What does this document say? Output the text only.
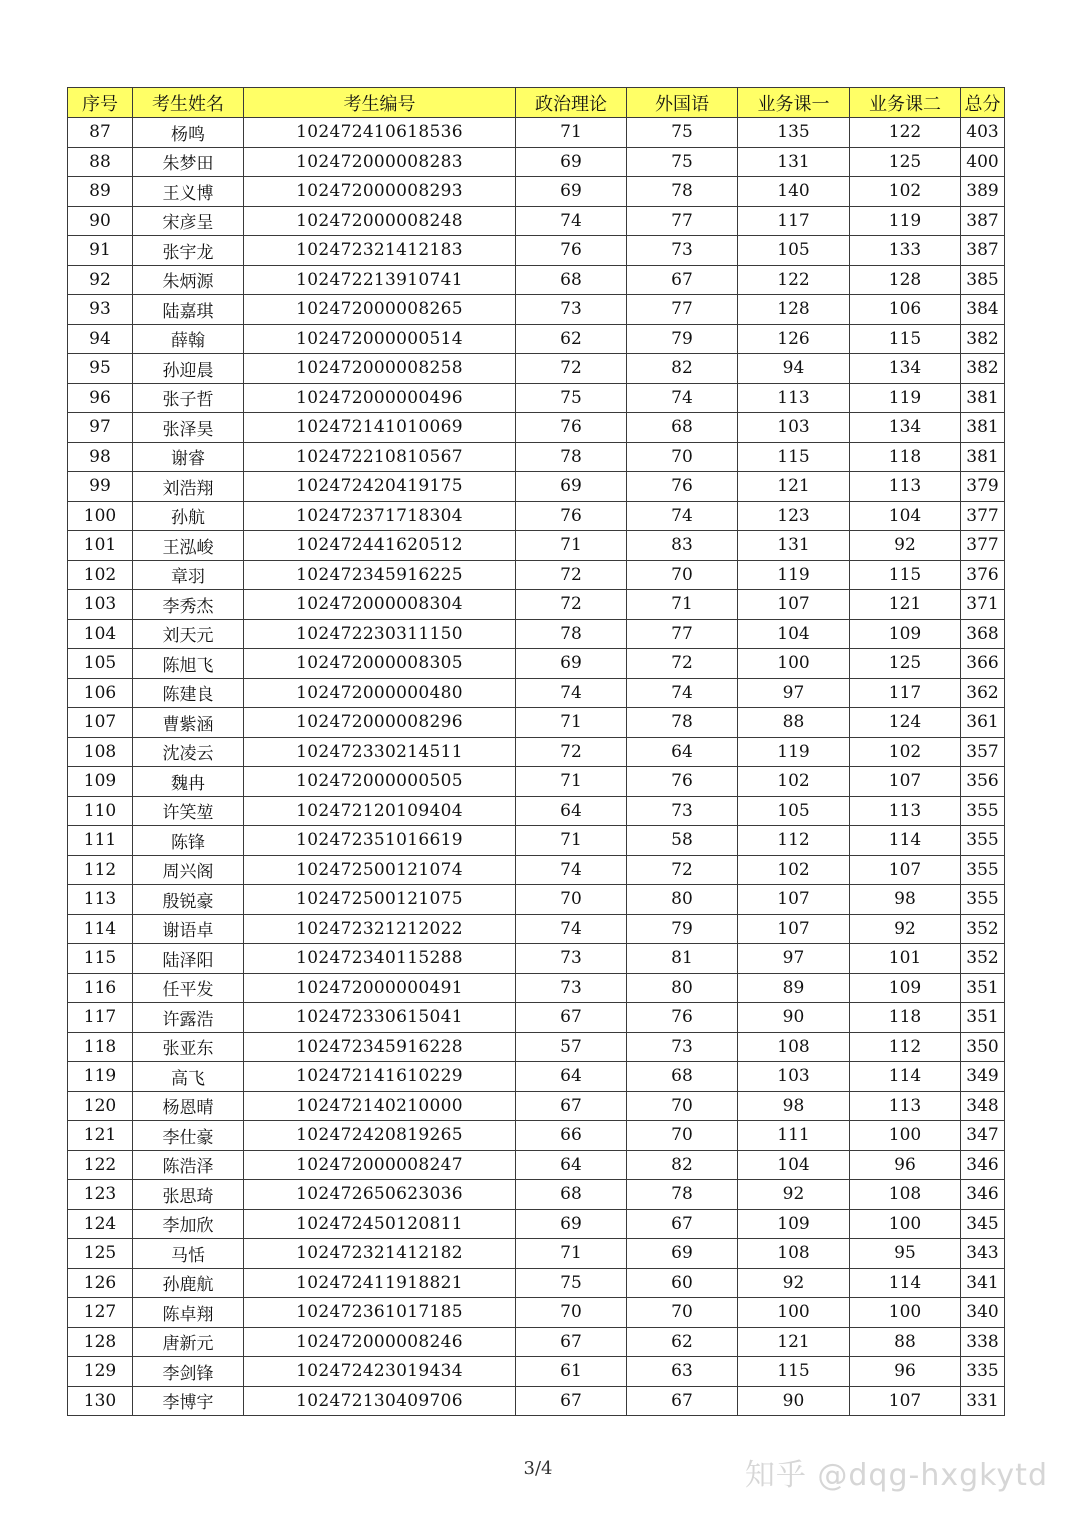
序号	考生姓名	考生编号	政治理论	外国语	业务课一	业务课二	总分
87	杨鸣	102472410618536	71	75	135	122	403
88	朱梦田	102472000008283	69	75	131	125	400
89	王义博	102472000008293	69	78	140	102	389
90	宋彦呈	102472000008248	74	77	117	119	387
91	张宇龙	102472321412183	76	73	105	133	387
92	朱炳源	102472213910741	68	67	122	128	385
93	陆嘉琪	102472000008265	73	77	128	106	384
94	薛翰	102472000000514	62	79	126	115	382
95	孙迎晨	102472000008258	72	82	94	134	382
96	张子哲	102472000000496	75	74	113	119	381
97	张泽昊	102472141010069	76	68	103	134	381
98	谢睿	102472210810567	78	70	115	118	381
99	刘浩翔	102472420419175	69	76	121	113	379
100	孙航	102472371718304	76	74	123	104	377
101	王泓峻	102472441620512	71	83	131	92	377
102	章羽	102472345916225	72	70	119	115	376
103	李秀杰	102472000008304	72	71	107	121	371
104	刘天元	102472230311150	78	77	104	109	368
105	陈旭飞	102472000008305	69	72	100	125	366
106	陈建良	102472000000480	74	74	97	117	362
107	曹紫涵	102472000008296	71	78	88	124	361
108	沈凌云	102472330214511	72	64	119	102	357
109	魏冉	102472000000505	71	76	102	107	356
110	许笑堃	102472120109404	64	73	105	113	355
111	陈锋	102472351016619	71	58	112	114	355
112	周兴阁	102472500121074	74	72	102	107	355
113	殷锐豪	102472500121075	70	80	107	98	355
114	谢语卓	102472321212022	74	79	107	92	352
115	陆泽阳	102472340115288	73	81	97	101	352
116	任平发	102472000000491	73	80	89	109	351
117	许露浩	102472330615041	67	76	90	118	351
118	张亚东	102472345916228	57	73	108	112	350
119	高飞	102472141610229	64	68	103	114	349
120	杨恩晴	102472140210000	67	70	98	113	348
121	李仕豪	102472420819265	66	70	111	100	347
122	陈浩泽	102472000008247	64	82	104	96	346
123	张思琦	102472650623036	68	78	92	108	346
124	李加欣	102472450120811	69	67	109	100	345
125	马恬	102472321412182	71	69	108	95	343
126	孙鹿航	102472411918821	75	60	92	114	341
127	陈卓翔	102472361017185	70	70	100	100	340
128	唐新元	102472000008246	67	62	121	88	338
129	李剑锋	102472423019434	61	63	115	96	335
130	李博宇	102472130409706	67	67	90	107	331
3/4	知乎 @dqg-hxgkytd
